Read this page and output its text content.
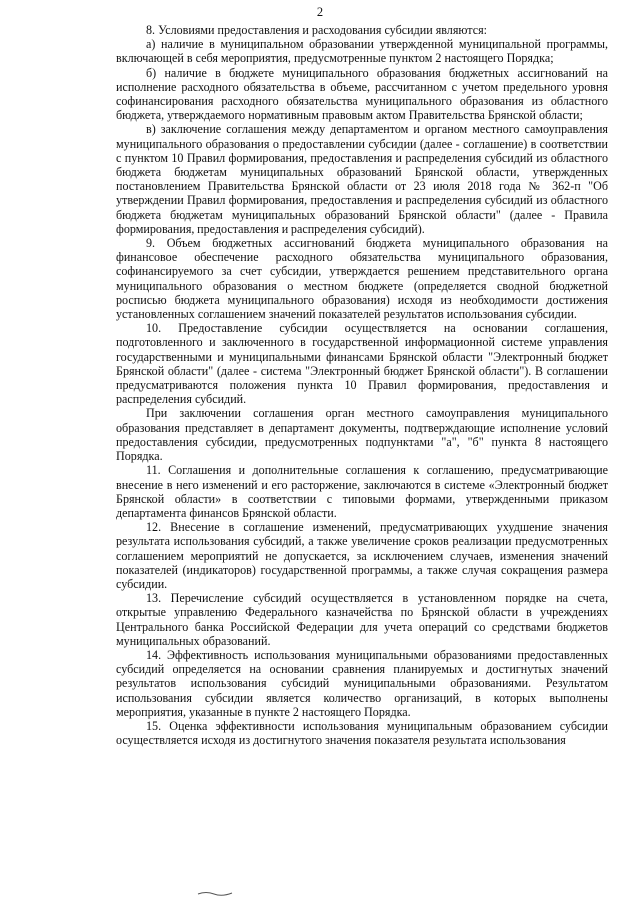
2

8. Условиями предоставления и расходования субсидии являются:

а) наличие в муниципальном образовании утвержденной муниципальной программы, включающей в себя мероприятия, предусмотренные пунктом 2 настоящего Порядка;

б) наличие в бюджете муниципального образования бюджетных ассигнований на исполнение расходного обязательства в объеме, рассчитанном с учетом предельного уровня софинансирования расходного обязательства муниципального образования из областного бюджета, утверждаемого нормативным правовым актом Правительства Брянской области;

в) заключение соглашения между департаментом и органом местного самоуправления муниципального образования о предоставлении субсидии (далее - соглашение) в соответствии с пунктом 10 Правил формирования, предоставления и распределения субсидий из областного бюджета бюджетам муниципальных образований Брянской области, утвержденных постановлением Правительства Брянской области от 23 июля 2018 года № 362-п "Об утверждении Правил формирования, предоставления и распределения субсидий из областного бюджета бюджетам муниципальных образований Брянской области" (далее - Правила формирования, предоставления и распределения субсидий).

9. Объем бюджетных ассигнований бюджета муниципального образования на финансовое обеспечение расходного обязательства муниципального образования, софинансируемого за счет субсидии, утверждается решением представительного органа муниципального образования о местном бюджете (определяется сводной бюджетной росписью бюджета муниципального образования) исходя из необходимости достижения установленных соглашением значений показателей результатов использования субсидии.

10. Предоставление субсидии осуществляется на основании соглашения, подготовленного и заключенного в государственной информационной системе управления государственными и муниципальными финансами Брянской области "Электронный бюджет Брянской области" (далее - система "Электронный бюджет Брянской области"). В соглашении предусматриваются положения пункта 10 Правил формирования, предоставления и распределения субсидий.

При заключении соглашения орган местного самоуправления муниципального образования представляет в департамент документы, подтверждающие исполнение условий предоставления субсидии, предусмотренных подпунктами "а", "б" пункта 8 настоящего Порядка.

11. Соглашения и дополнительные соглашения к соглашению, предусматривающие внесение в него изменений и его расторжение, заключаются в системе «Электронный бюджет Брянской области» в соответствии с типовыми формами, утвержденными приказом департамента финансов Брянской области.

12. Внесение в соглашение изменений, предусматривающих ухудшение значения результата использования субсидий, а также увеличение сроков реализации предусмотренных соглашением мероприятий не допускается, за исключением случаев, изменения значений показателей (индикаторов) государственной программы, а также случая сокращения размера субсидии.

13. Перечисление субсидий осуществляется в установленном порядке на счета, открытые управлению Федерального казначейства по Брянской области в учреждениях Центрального банка Российской Федерации для учета операций со средствами бюджетов муниципальных образований.

14. Эффективность использования муниципальными образованиями предоставленных субсидий определяется на основании сравнения планируемых и достигнутых значений результатов использования субсидий муниципальными образованиями. Результатом использования субсидии является количество организаций, в которых выполнены мероприятия, указанные в пункте 2 настоящего Порядка.

15. Оценка эффективности использования муниципальным образованием субсидии осуществляется исходя из достигнутого значения показателя результата использования
